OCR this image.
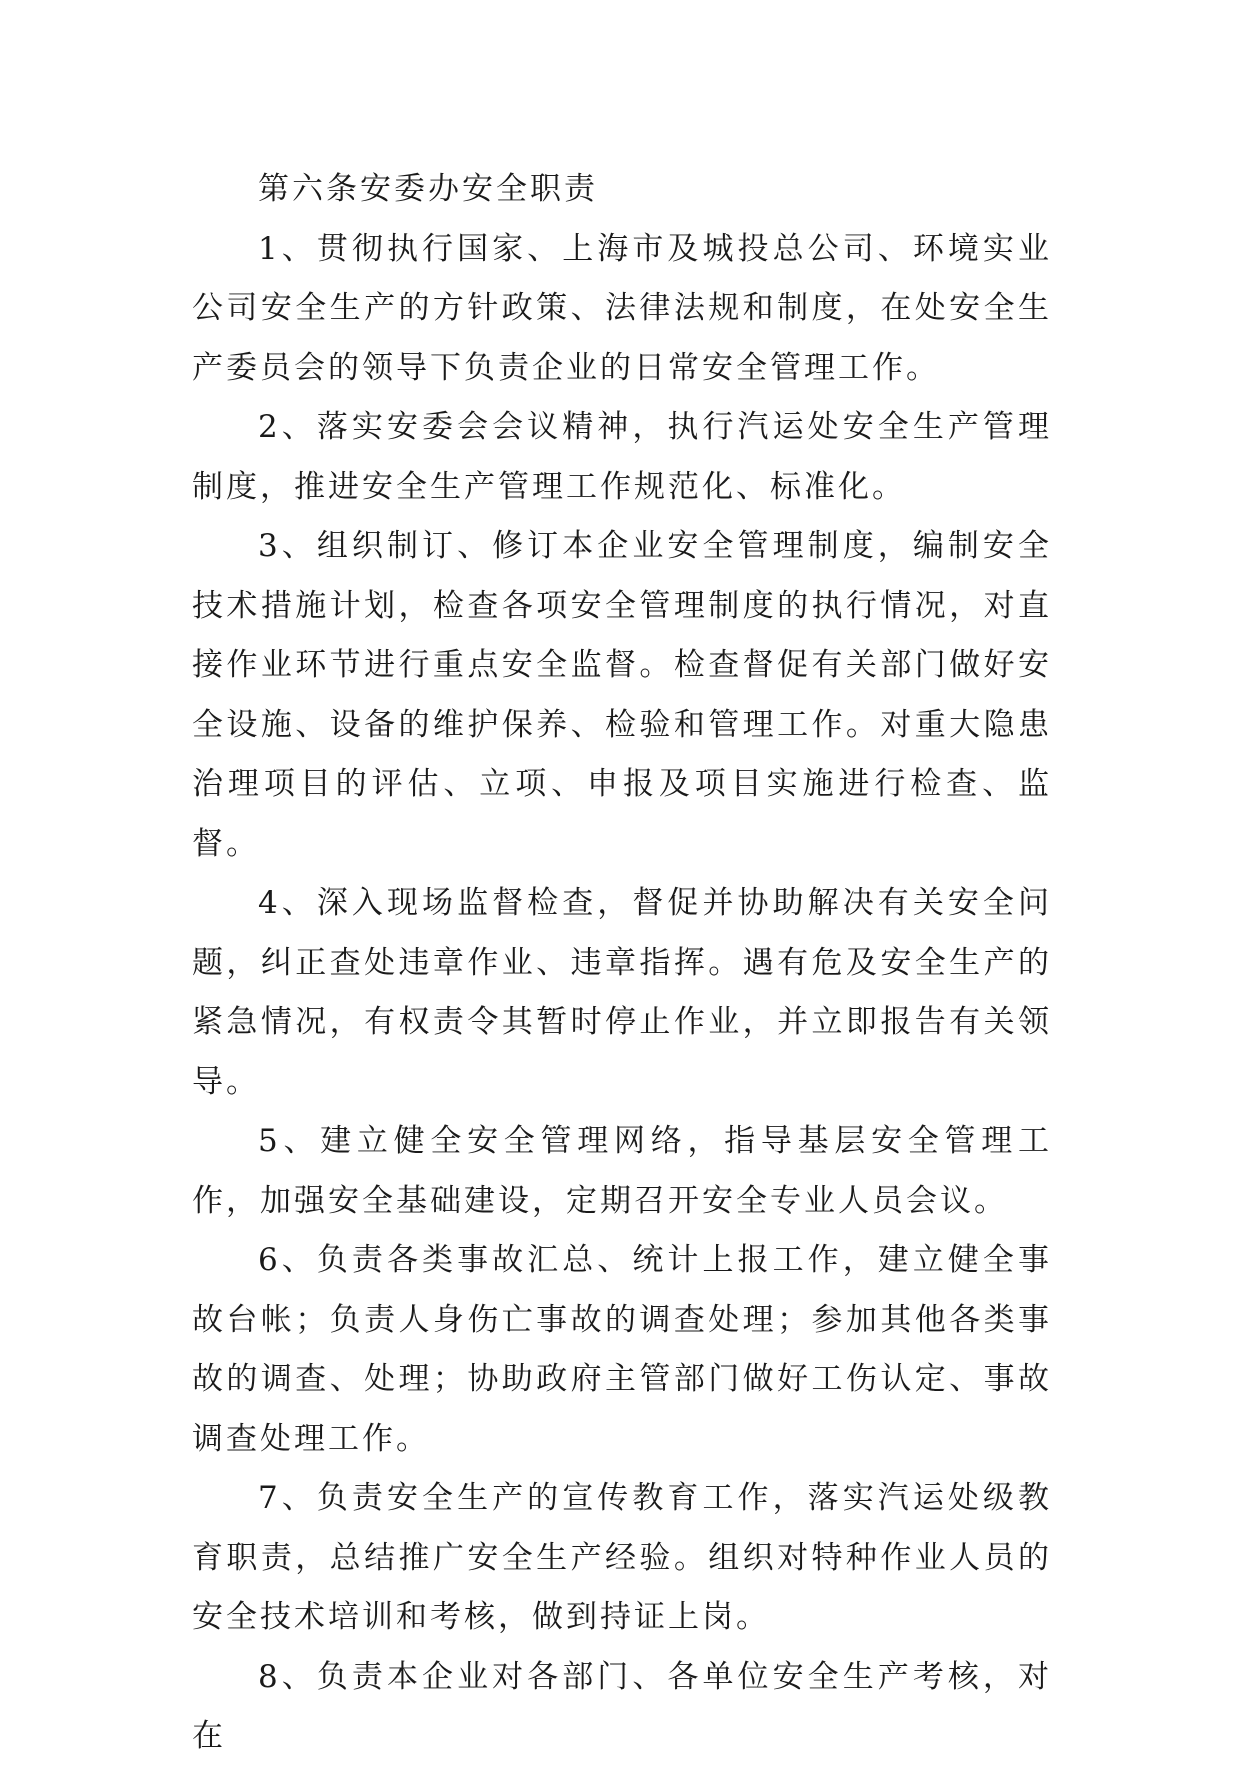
第六条安委办安全职责

1、贯彻执行国家、上海市及城投总公司、环境实业公司安全生产的方针政策、法律法规和制度，在处安全生产委员会的领导下负责企业的日常安全管理工作。

2、落实安委会会议精神，执行汽运处安全生产管理制度，推进安全生产管理工作规范化、标准化。

3、组织制订、修订本企业安全管理制度，编制安全技术措施计划，检查各项安全管理制度的执行情况，对直接作业环节进行重点安全监督。检查督促有关部门做好安全设施、设备的维护保养、检验和管理工作。对重大隐患治理项目的评估、立项、申报及项目实施进行检查、监督。

4、深入现场监督检查，督促并协助解决有关安全问题，纠正查处违章作业、违章指挥。遇有危及安全生产的紧急情况，有权责令其暂时停止作业，并立即报告有关领导。

5、建立健全安全管理网络，指导基层安全管理工作，加强安全基础建设，定期召开安全专业人员会议。

6、负责各类事故汇总、统计上报工作，建立健全事故台帐；负责人身伤亡事故的调查处理；参加其他各类事故的调查、处理；协助政府主管部门做好工伤认定、事故调查处理工作。

7、负责安全生产的宣传教育工作，落实汽运处级教育职责，总结推广安全生产经验。组织对特种作业人员的安全技术培训和考核，做到持证上岗。

8、负责本企业对各部门、各单位安全生产考核，对在
